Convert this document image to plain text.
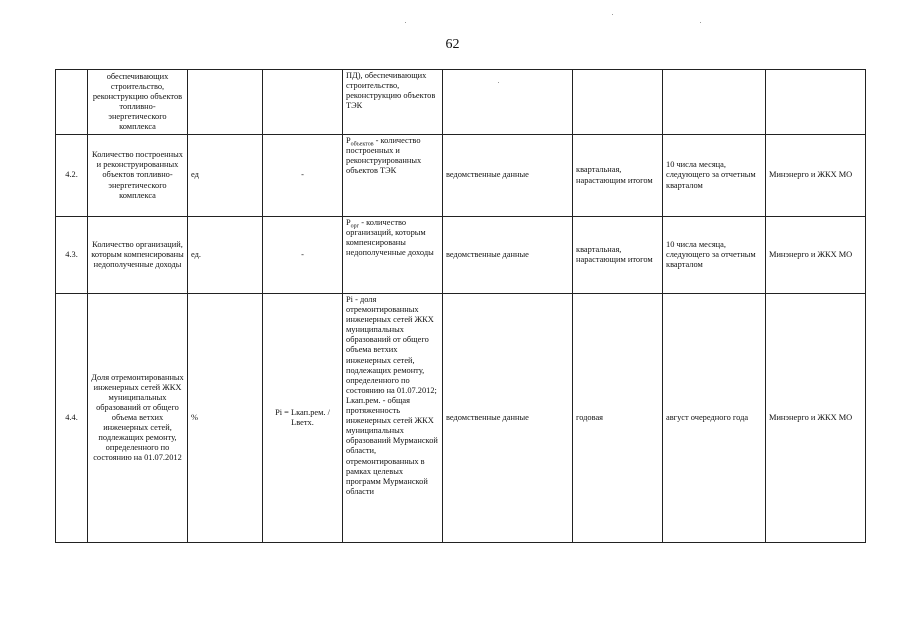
62
	обеспечивающих строительство, реконструкцию объектов топливно-энергетического комплекса			ПД), обеспечивающих строительство, реконструкцию объектов ТЭК				
4.2.	Количество построенных и реконструированных объектов топливно-энергетического комплекса	ед	-	$P_{объектов}$ - количество построенных и реконструированных объектов ТЭК	ведомственные данные	квартальная, нарастающим итогом	10 числа месяца, следующего за отчетным кварталом	Минэнерго и ЖКХ МО
4.3.	Количество организаций, которым компенсированы недополученные доходы	ед.	-	$P_{орг}$ - количество организаций, которым компенсированы недополученные доходы	ведомственные данные	квартальная, нарастающим итогом	10 числа месяца, следующего за отчетным кварталом	Минэнерго и ЖКХ МО
4.4.	Доля отремонтированных инженерных сетей ЖКХ муниципальных образований от общего объема ветхих инженерных сетей, подлежащих ремонту, определенного по состоянию на 01.07.2012	%	Pi = Lкап.рем. / Lветх.	Pi - доля отремонтированных инженерных сетей ЖКХ муниципальных образований от общего объема ветхих инженерных сетей, подлежащих ремонту, определенного по состоянию на 01.07.2012; Lкап.рем. - общая протяженность инженерных сетей ЖКХ муниципальных образований Мурманской области, отремонтированных в рамках целевых программ Мурманской области	ведомственные данные	годовая	август очередного года	Минэнерго и ЖКХ МО
